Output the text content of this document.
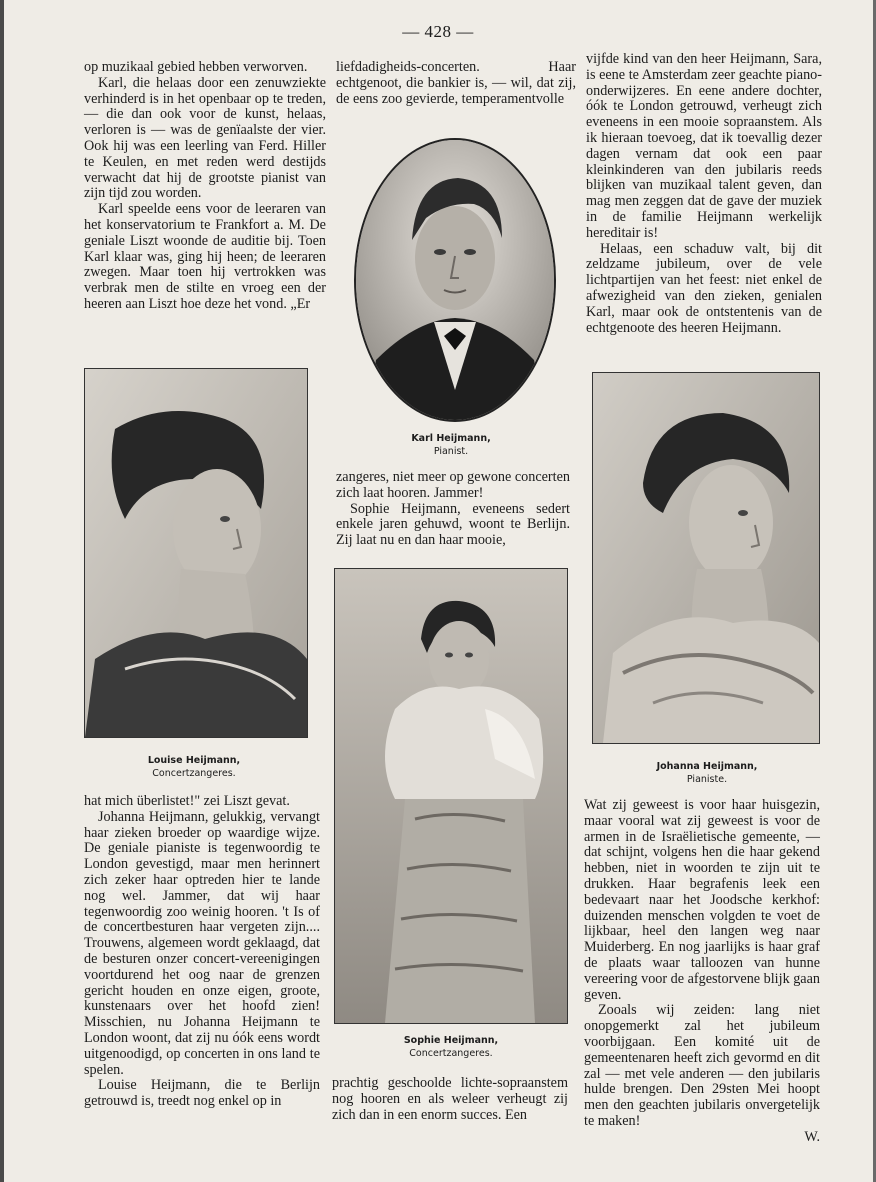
— 428 —

op muzikaal gebied hebben verworven.

Karl, die helaas door een zenuwziekte verhinderd is in het openbaar op te treden, — die dan ook voor de kunst, helaas, verloren is — was de genïaalste der vier. Ook hij was een leerling van Ferd. Hiller te Keulen, en met reden werd destijds verwacht dat hij de grootste pianist van zijn tijd zou worden.

Karl speelde eens voor de leeraren van het konservatorium te Frankfort a. M. De geniale Liszt woonde de auditie bij. Toen Karl klaar was, ging hij heen; de leeraren zwegen. Maar toen hij vertrokken was verbrak men de stilte en vroeg een der heeren aan Liszt hoe deze het vond. „Er

liefdadigheids-concerten. Haar echtgenoot, die bankier is, — wil, dat zij, de eens zoo gevierde, temperamentvolle

vijfde kind van den heer Heijmann, Sara, is eene te Amsterdam zeer geachte piano-onderwijzeres. En eene andere dochter, óók te London getrouwd, verheugt zich eveneens in een mooie sopraanstem. Als ik hieraan toevoeg, dat ik toevallig dezer dagen vernam dat ook een paar kleinkinderen van den jubilaris reeds blijken van muzikaal talent geven, dan mag men zeggen dat de gave der muziek in de familie Heijmann werkelijk hereditair is!

Helaas, een schaduw valt, bij dit zeldzame jubileum, over de vele lichtpartijen van het feest: niet enkel de afwezigheid van den zieken, genialen Karl, maar ook de ontstentenis van de echtgenoote des heeren Heijmann.

zangeres, niet meer op gewone concerten zich laat hooren. Jammer!

Sophie Heijmann, eveneens sedert enkele jaren gehuwd, woont te Berlijn. Zij laat nu en dan haar mooie,

hat mich überlistet!" zei Liszt gevat.

Johanna Heijmann, gelukkig, vervangt haar zieken broeder op waardige wijze. De geniale pianiste is tegenwoordig te London gevestigd, maar men herinnert zich zeker haar optreden hier te lande nog wel. Jammer, dat wij haar tegenwoordig zoo weinig hooren. 't Is of de concertbesturen haar vergeten zijn.... Trouwens, algemeen wordt geklaagd, dat de besturen onzer concert-vereenigingen voortdurend het oog naar de grenzen gericht houden en onze eigen, groote, kunstenaars over het hoofd zien! Misschien, nu Johanna Heijmann te London woont, dat zij nu óók eens wordt uitgenoodigd, op concerten in ons land te spelen.

Louise Heijmann, die te Berlijn getrouwd is, treedt nog enkel op in

prachtig geschoolde lichte-sopraanstem nog hooren en als weleer verheugt zij zich dan in een enorm succes. Een

Wat zij geweest is voor haar huisgezin, maar vooral wat zij geweest is voor de armen in de Israëlietische gemeente, — dat schijnt, volgens hen die haar gekend hebben, niet in woorden te zijn uit te drukken. Haar begrafenis leek een bedevaart naar het Joodsche kerkhof: duizenden menschen volgden te voet de lijkbaar, heel den langen weg naar Muiderberg. En nog jaarlijks is haar graf de plaats waar talloozen van hunne vereering voor de afgestorvene blijk gaan geven.

Zooals wij zeiden: lang niet onopgemerkt zal het jubileum voorbijgaan. Een komité uit de gemeentenaren heeft zich gevormd en dit zal — met vele anderen — den jubilaris hulde brengen. Den 29sten Mei hoopt men den geachten jubilaris onvergetelijk te maken!

W.

Karl Heijmann,
Pianist.
Louise Heijmann,
Concertzangeres.
Johanna Heijmann,
Pianiste.
Sophie Heijmann,
Concertzangeres.
